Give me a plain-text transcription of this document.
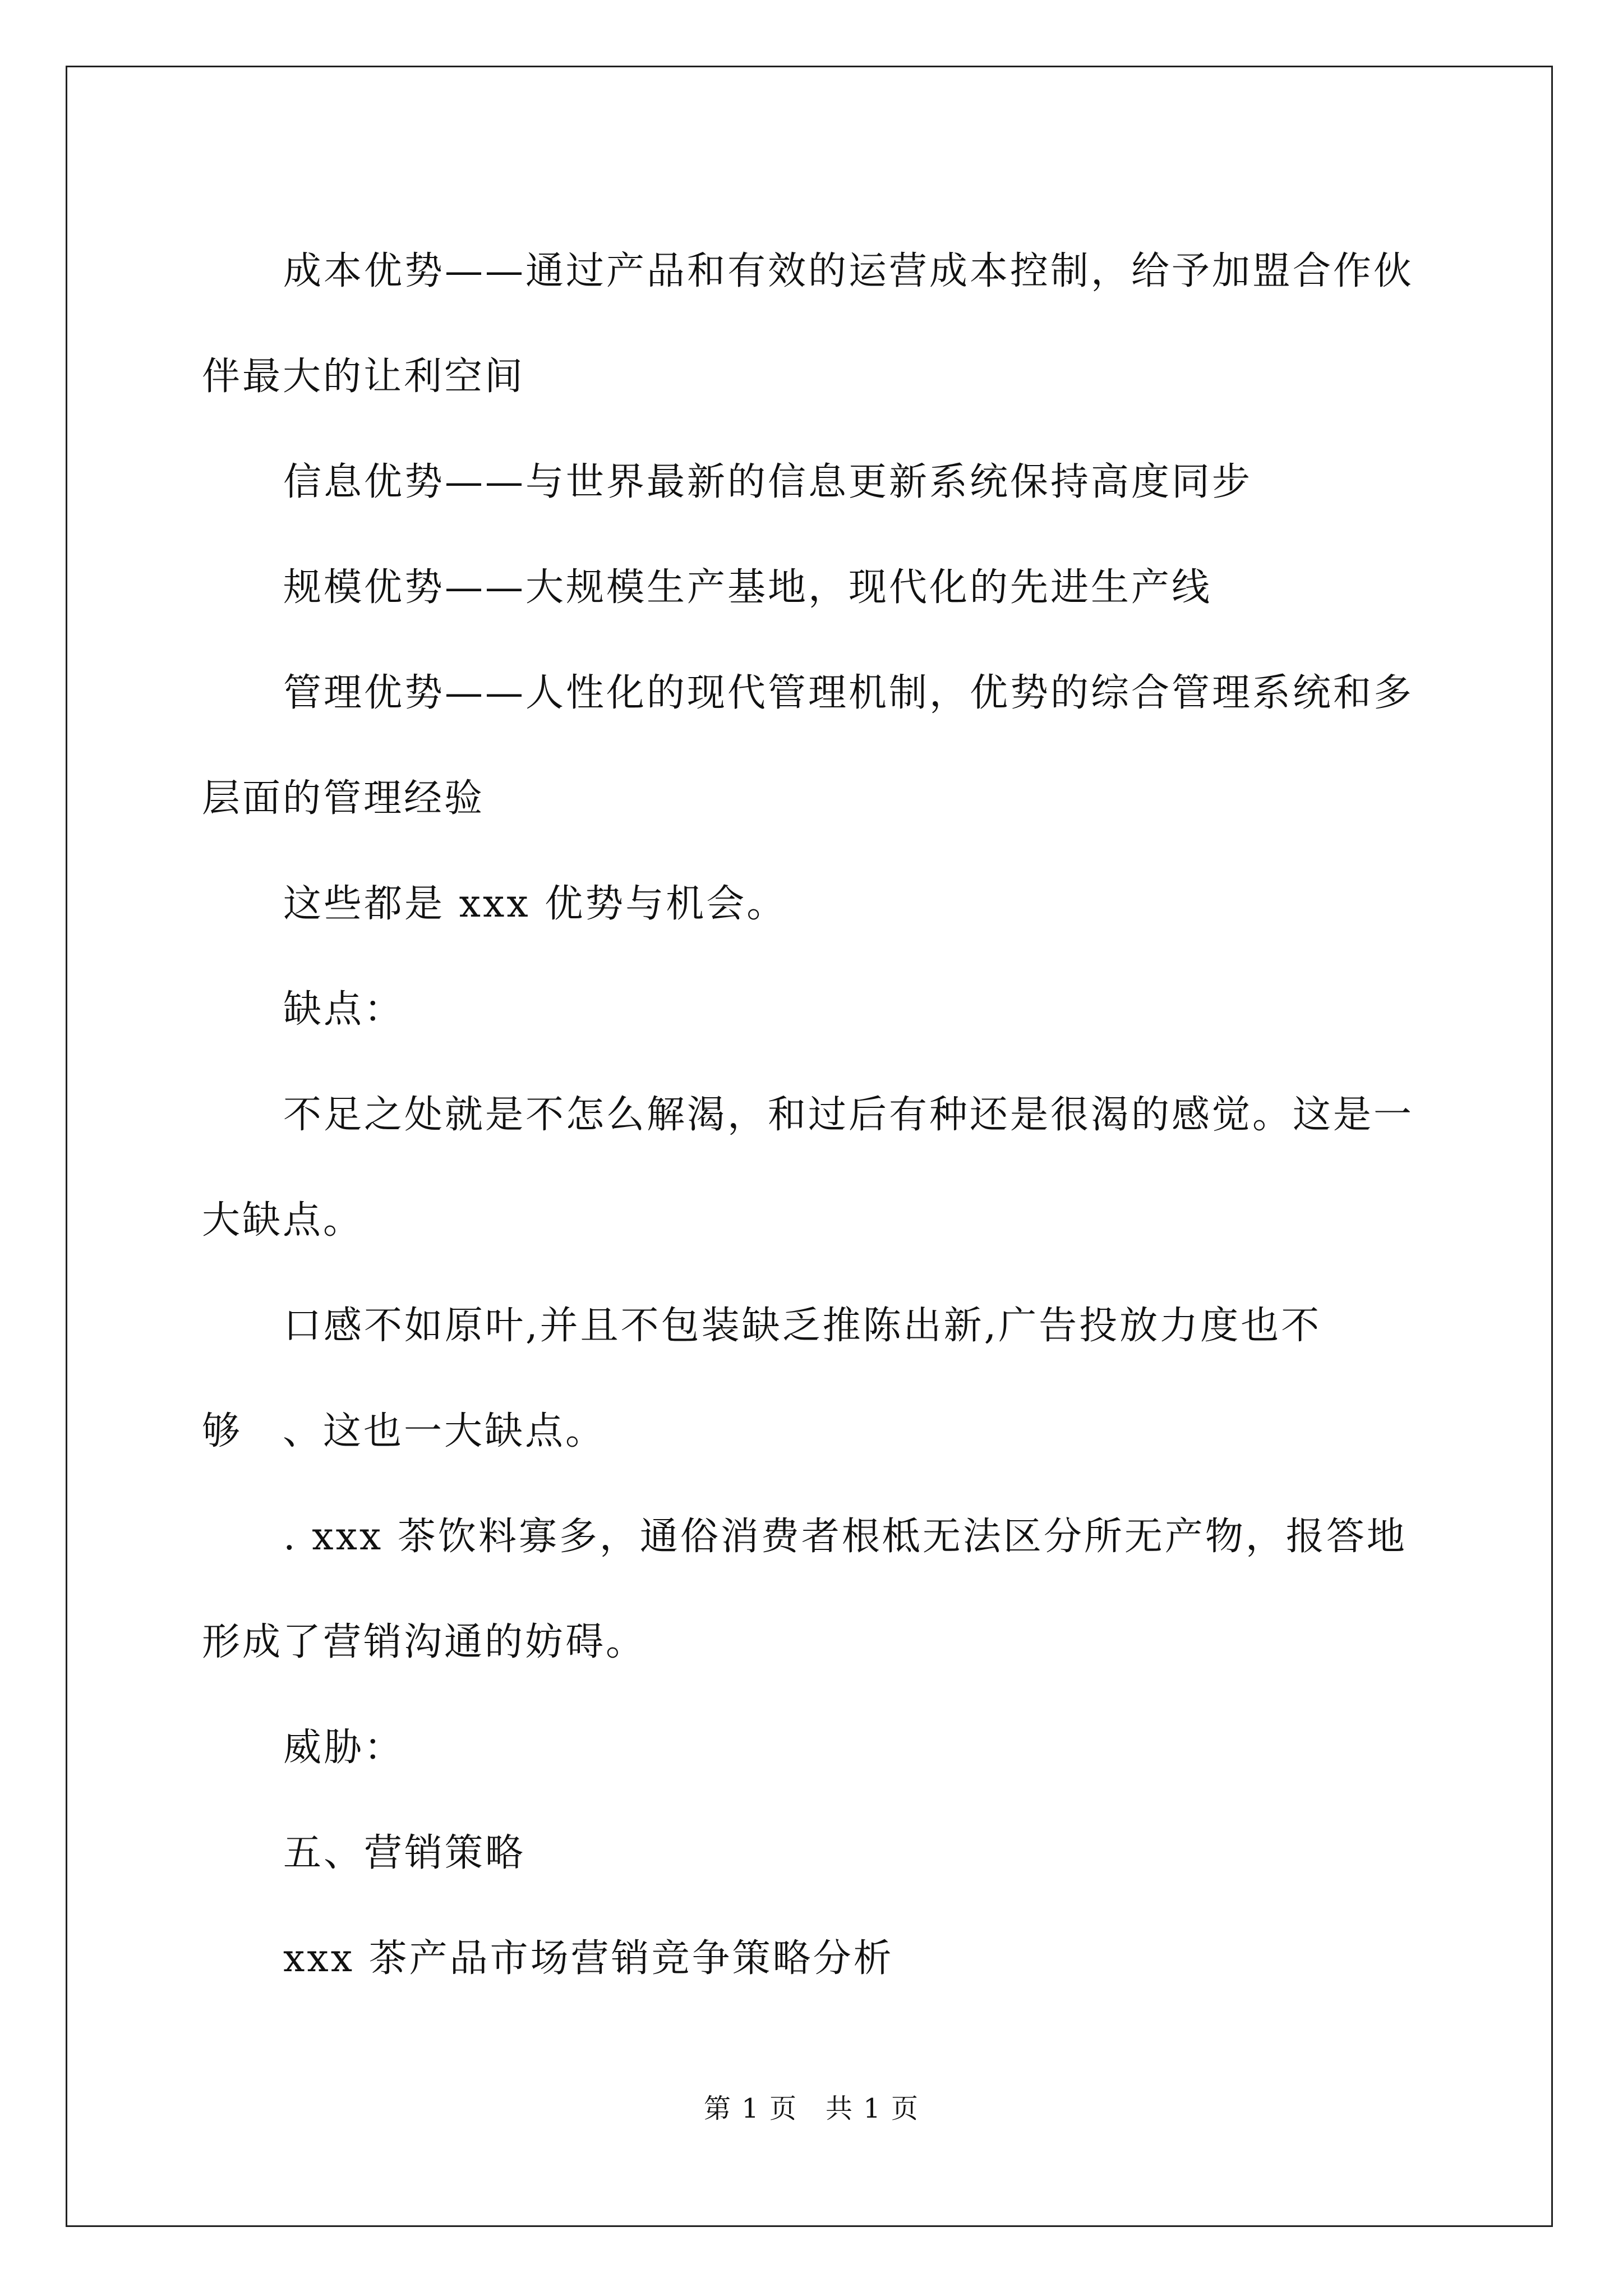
成本优势——通过产品和有效的运营成本控制，给予加盟合作伙伴最大的让利空间

信息优势——与世界最新的信息更新系统保持高度同步

规模优势——大规模生产基地，现代化的先进生产线

管理优势——人性化的现代管理机制，优势的综合管理系统和多层面的管理经验

这些都是 xxx 优势与机会。

缺点：

不足之处就是不怎么解渴，和过后有种还是很渴的感觉。这是一大缺点。

口感不如原叶,并且不包装缺乏推陈出新,广告投放力度也不够　、这也一大缺点。

. xxx 茶饮料寡多，通俗消费者根柢无法区分所无产物，报答地形成了营销沟通的妨碍。

威胁：

五、营销策略

xxx 茶产品市场营销竞争策略分析

第 1 页　共 1 页
